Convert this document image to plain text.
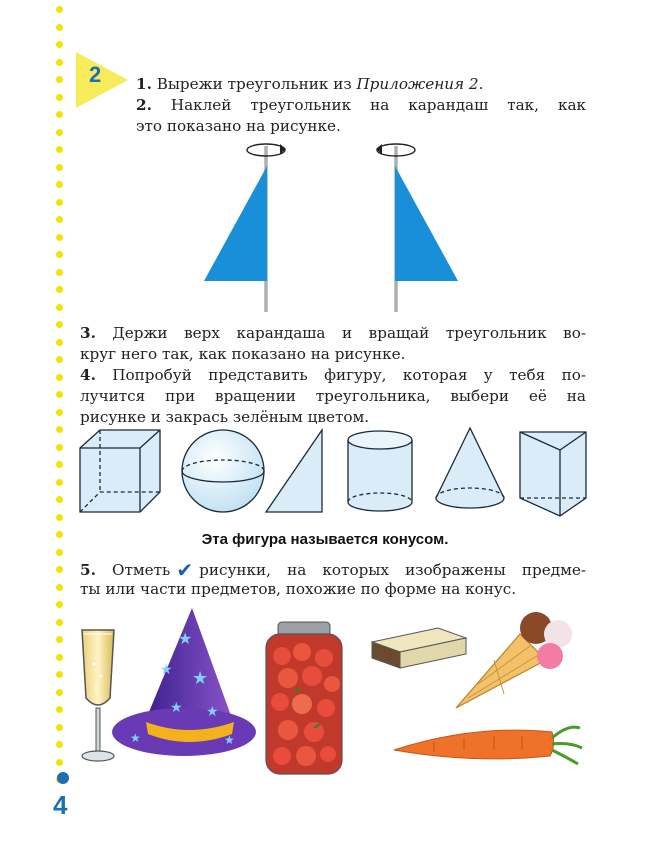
4
2 1. Вырежи треугольник из Приложения 2.
2. Наклей треугольник на карандаш так, как
это показано на рисунке.
3. Держи верх карандаша и вращай треугольник во-
круг него так, как показано на рисунке.
4. Попробуй представить фигуру, которая у тебя по-
лучится при вращении треугольника, выбери её на
рисунке и закрась зелёным цветом.
Эта фигура называется конусом.
5. Отметь ✔ рисунки, на которых изображены предме-
ты или части предметов, похожие по форме на конус.
★
★ ★
★ ★
★	★
